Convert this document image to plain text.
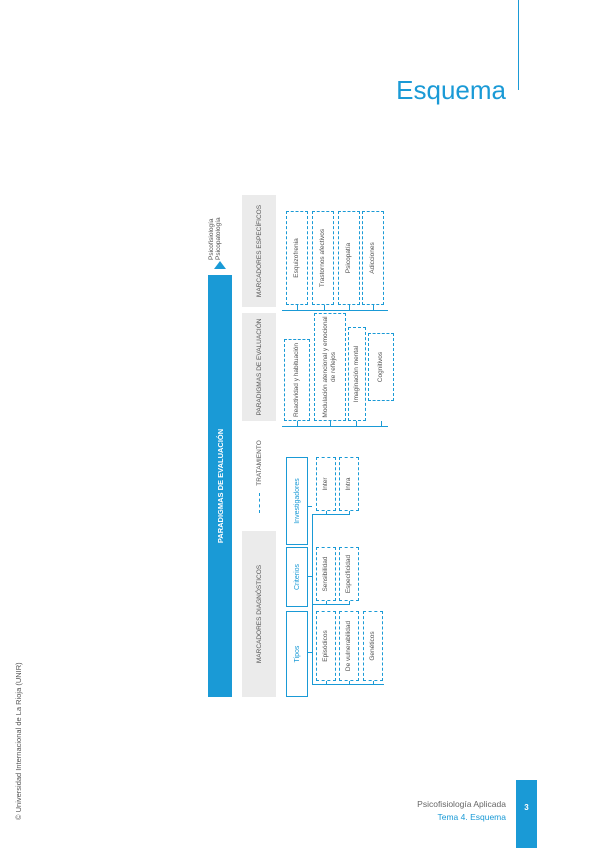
Esquema
© Universidad Internacional de La Rioja (UNIR)
PARADIGMAS DE EVALUACIÓN
Psicofisiología Psicopatología
MARCADORES DIAGNÓSTICOS
TRATAMIENTO
PARADIGMAS DE EVALUACIÓN
MARCADORES ESPECÍFICOS
Tipos
Criterios
Investigadores
Episódicos	De vulnerabilidad	Genéticos
Sensibilidad	Especificidad
Inter	Intra
Reactividad y habituación	Modulación atencional y emocional de reflejos	Imaginación mental	Cognitivos
Esquizofrenia	Trastornos afectivos	Psicopatía	Adicciones
Psicofisiología Aplicada
Tema 4. Esquema
3
